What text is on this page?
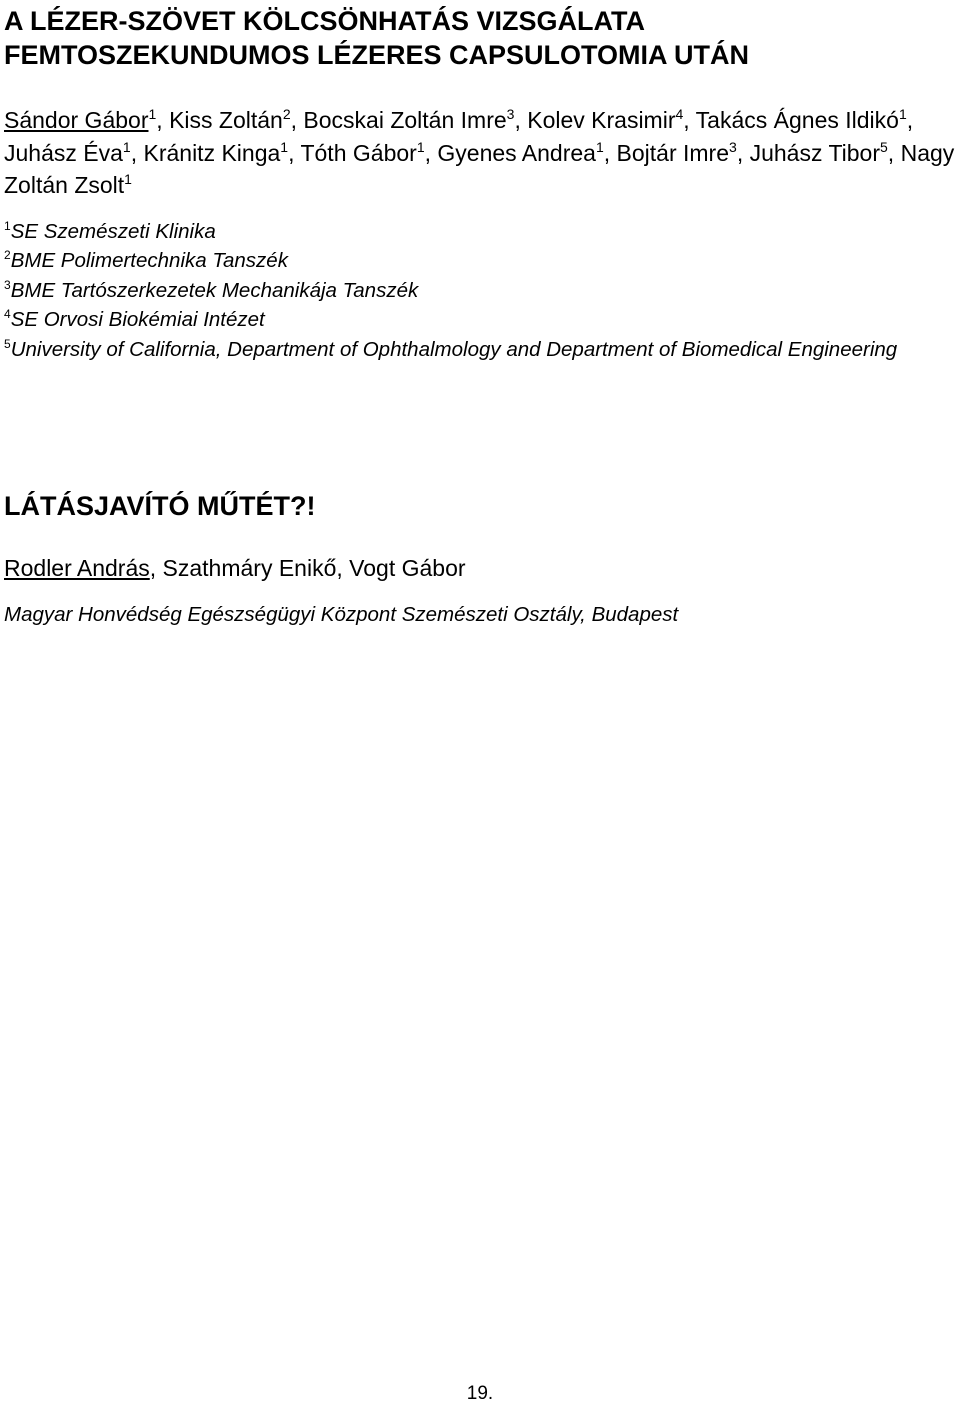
A LÉZER-SZÖVET KÖLCSÖNHATÁS VIZSGÁLATA
FEMTOSZEKUNDUMOS LÉZERES CAPSULOTOMIA UTÁN
Sándor Gábor$^1$, Kiss Zoltán$^2$, Bocskai Zoltán Imre$^3$, Kolev Krasimir$^4$, Takács Ágnes Ildikó$^1$, Juhász Éva$^1$, Kránitz Kinga$^1$, Tóth Gábor$^1$, Gyenes Andrea$^1$, Bojtár Imre$^3$, Juhász Tibor$^5$, Nagy Zoltán Zsolt$^1$
$^1$SE Szemészeti Klinika
$^2$BME Polimertechnika Tanszék
$^3$BME Tartószerkezetek Mechanikája Tanszék
$^4$SE Orvosi Biokémiai Intézet
$^5$University of California, Department of Ophthalmology and Department of Biomedical Engineering
LÁTÁSJAVÍTÓ MŰTÉT?!
Rodler András, Szathmáry Enikő, Vogt Gábor
Magyar Honvédség Egészségügyi Központ Szemészeti Osztály, Budapest
19.
